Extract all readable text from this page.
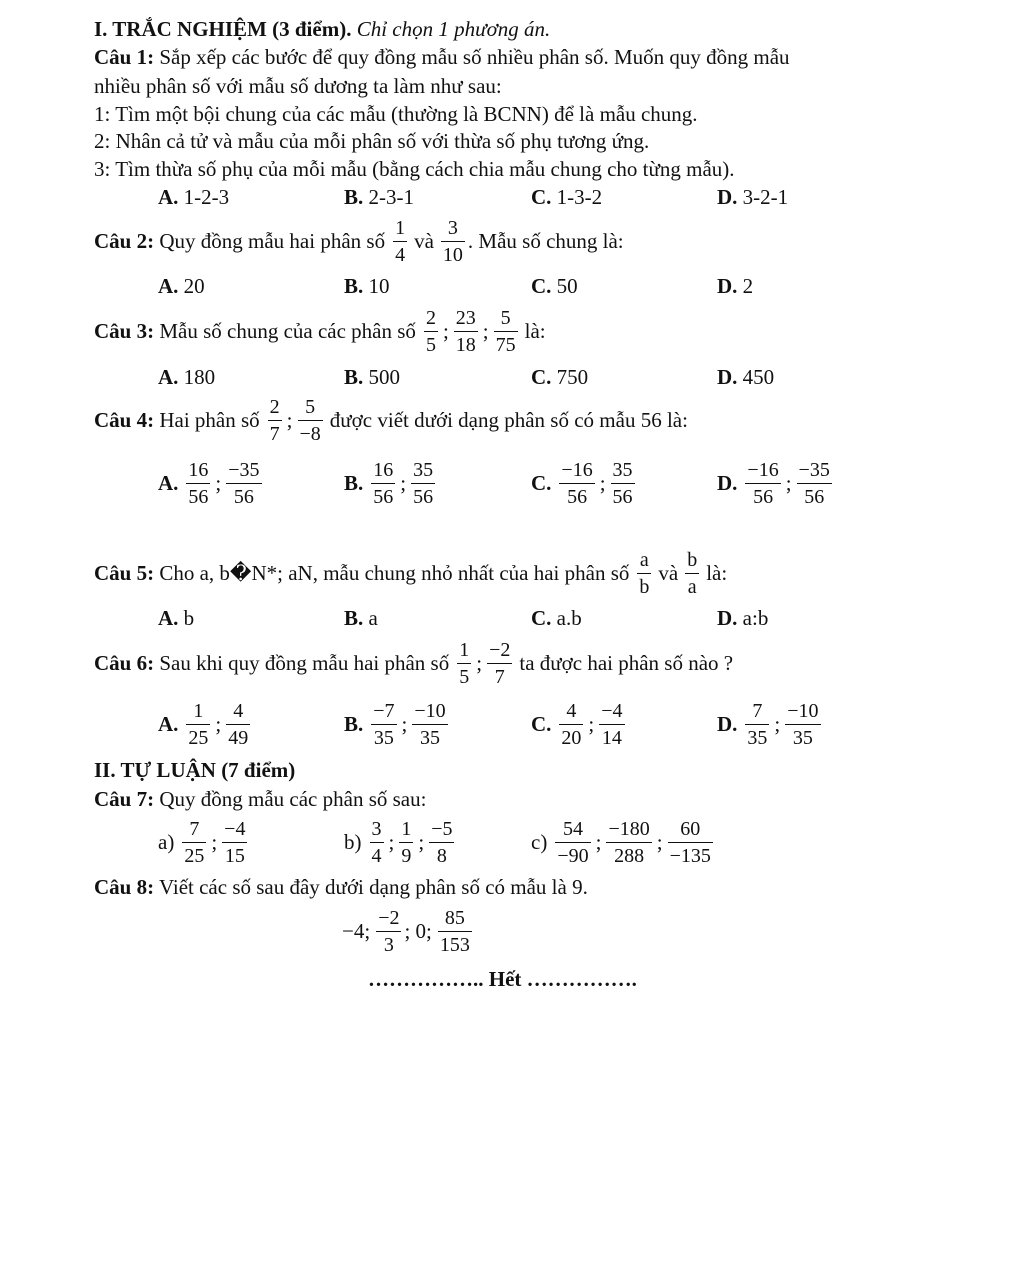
I. TRẮC NGHIỆM (3 điểm). Chỉ chọn 1 phương án.
Câu 1: Sắp xếp các bước để quy đồng mẫu số nhiều phân số. Muốn quy đồng mẫu
nhiều phân số với mẫu số dương ta làm như sau:
1: Tìm một bội chung của các mẫu (thường là BCNN) để là mẫu chung.
2: Nhân cả tử và mẫu của mỗi phân số với thừa số phụ tương ứng.
3: Tìm thừa số phụ của mỗi mẫu (bằng cách chia mẫu chung cho từng mẫu).
A. 1-2-3	B. 2-3-1	C. 1-3-2	D. 3-2-1
Câu 2:
Quy đồng mẫu hai phân số $\frac{1}{4}$ và $\frac{3}{10}$ . Mẫu số chung là:
A. 20	B. 10	C. 50	D. 2
Câu 3:
Mẫu số chung của các phân số $\frac{2}{5}$ ; $\frac{23}{18}$ ; $\frac{5}{75}$ là:
A. 180	B. 500	C. 750	D. 450
Câu 4:
Hai phân số $\frac{2}{7}$ ; $\frac{5}{-8}$ được viết dưới dạng phân số có mẫu 56 là:
A. $\frac{16}{56}$ ; $\frac{-35}{56}$	B. $\frac{16}{56}$ ; $\frac{35}{56}$	C. $\frac{-16}{56}$ ; $\frac{35}{56}$	D. $\frac{-16}{56}$ ; $\frac{-35}{56}$
Câu 5:
Cho a, b �N*; aN , mẫu chung nhỏ nhất của hai phân số $\frac{a}{b}$ và $\frac{b}{a}$ là:
A. b	B. a	C. a.b	D. a:b
Câu 6:
Sau khi quy đồng mẫu hai phân số $\frac{1}{5}$ ; $\frac{-2}{7}$ ta được hai phân số nào ?
A. $\frac{1}{25}$ ; $\frac{4}{49}$	B. $\frac{-7}{35}$ ; $\frac{-10}{35}$	C. $\frac{4}{20}$ ; $\frac{-4}{14}$	D. $\frac{7}{35}$ ; $\frac{-10}{35}$
II. TỰ LUẬN (7 điểm)
Câu 7: Quy đồng mẫu các phân số sau:
$a) \frac{7}{25}$ ; $\frac{-4}{15}$	$b) \frac{3}{4}$ ; $\frac{1}{9}$ ; $\frac{-5}{8}$	$c) \frac{54}{-90}$ ; $\frac{-180}{288}$ ; $\frac{60}{-135}$
Câu 8: Viết các số sau đây dưới dạng phân số có mẫu là 9.
−4; $\frac{-2}{3}$ ; 0; $\frac{85}{153}$
…………….. Hết …………….
